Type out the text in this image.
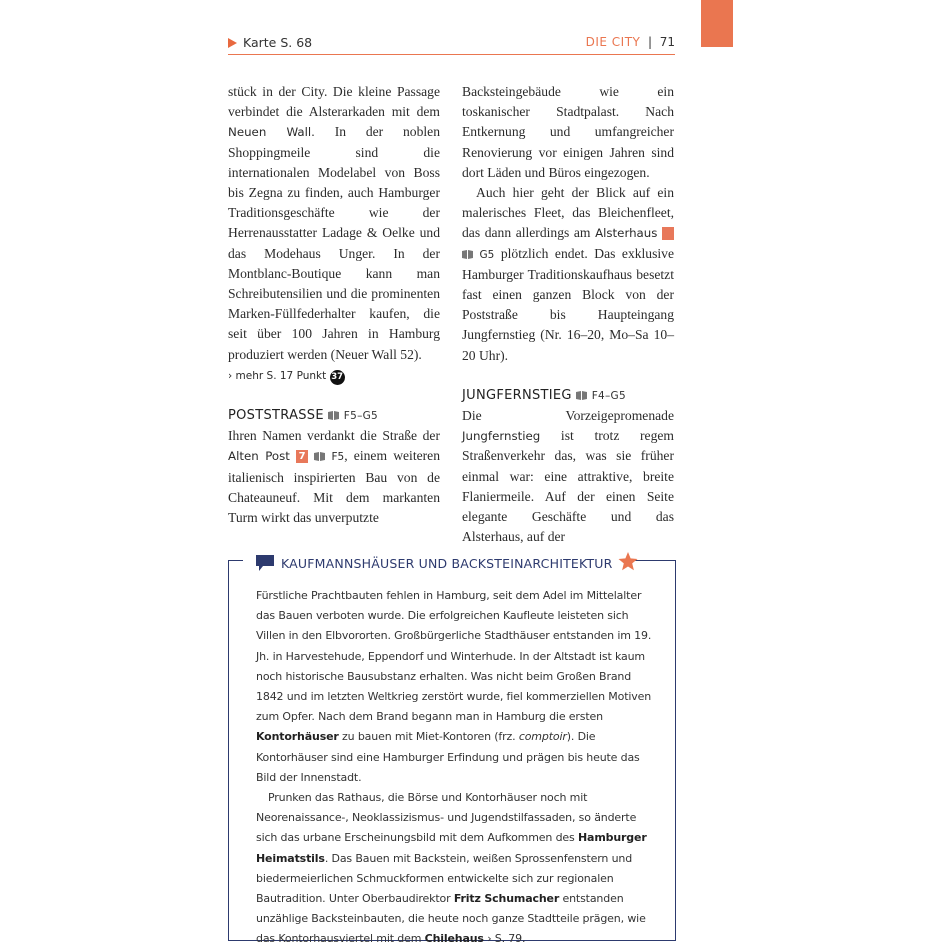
Karte S. 68	DIE CITY | 71

stück in der City. Die kleine Passage verbindet die Alsterarkaden mit dem Neuen Wall. In der noblen Shoppingmeile sind die internationalen Modelabel von Boss bis Zegna zu finden, auch Hamburger Traditionsgeschäfte wie der Herrenausstatter Ladage & Oelke und das Modehaus Unger. In der Montblanc-Boutique kann man Schreibutensilien und die prominenten Marken-Füllfederhalter kaufen, die seit über 100 Jahren in Hamburg produziert werden (Neuer Wall 52).

› mehr S. 17 Punkt 37

POSTSTRASSE F5–G5

Ihren Namen verdankt die Straße der Alten Post 7 F5, einem weiteren italienisch inspirierten Bau von de Chateauneuf. Mit dem markanten Turm wirkt das unverputzte

Backsteingebäude wie ein toskanischer Stadtpalast. Nach Entkernung und umfangreicher Renovierung vor einigen Jahren sind dort Läden und Büros eingezogen.

Auch hier geht der Blick auf ein malerisches Fleet, das Bleichenfleet, das dann allerdings am Alsterhaus 8  G5 plötzlich endet. Das exklusive Hamburger Traditionskaufhaus besetzt fast einen ganzen Block von der Poststraße bis Haupteingang Jungfernstieg (Nr. 16–20, Mo–Sa 10–20 Uhr).

JUNGFERNSTIEG F4–G5

Die Vorzeigepromenade Jungfernstieg ist trotz regem Straßenverkehr das, was sie früher einmal war: eine attraktive, breite Flaniermeile. Auf der einen Seite elegante Geschäfte und das Alsterhaus, auf der

KAUFMANNSHÄUSER UND BACKSTEINARCHITEKTUR

Fürstliche Prachtbauten fehlen in Hamburg, seit dem Adel im Mittelalter das Bauen verboten wurde. Die erfolgreichen Kaufleute leisteten sich Villen in den Elbvororten. Großbürgerliche Stadthäuser entstanden im 19. Jh. in Harvestehude, Eppendorf und Winterhude. In der Altstadt ist kaum noch historische Bausubstanz erhalten. Was nicht beim Großen Brand 1842 und im letzten Weltkrieg zerstört wurde, fiel kommerziellen Motiven zum Opfer. Nach dem Brand begann man in Hamburg die ersten Kontorhäuser zu bauen mit Miet-Kontoren (frz. comptoir). Die Kontorhäuser sind eine Hamburger Erfindung und prägen bis heute das Bild der Innenstadt.

Prunken das Rathaus, die Börse und Kontorhäuser noch mit Neorenaissance-, Neoklassizismus- und Jugendstilfassaden, so änderte sich das urbane Erscheinungsbild mit dem Aufkommen des Hamburger Heimatstils. Das Bauen mit Backstein, weißen Sprossenfenstern und biedermeierlichen Schmuckformen entwickelte sich zur regionalen Bautradition. Unter Oberbaudirektor Fritz Schumacher entstanden unzählige Backsteinbauten, die heute noch ganze Stadtteile prägen, wie das Kontorhausviertel mit dem Chilehaus › S. 79.
